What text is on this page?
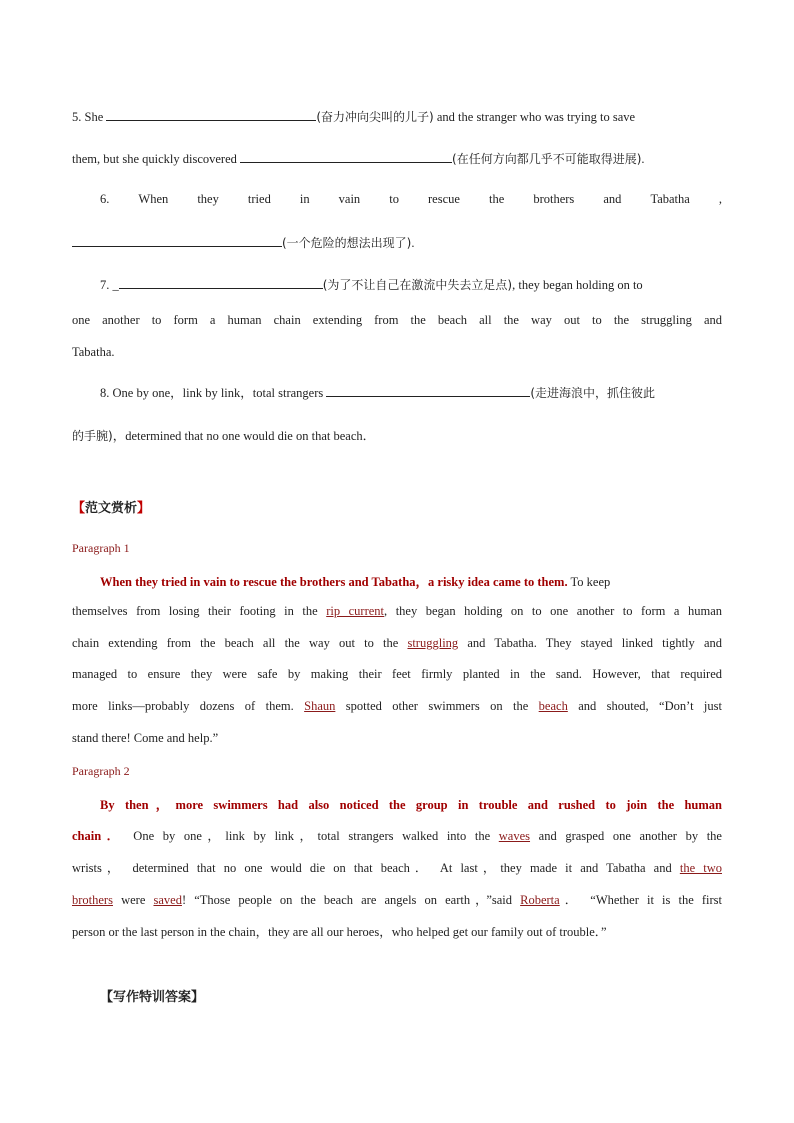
5. She	(奋力冲向尖叫的儿子) and the stranger who was trying to save
them, but she quickly discovered	(在任何方向都几乎不可能取得进展).
6. When they tried in vain to rescue the brothers and Tabatha ,
(一个危险的想法出现了).
7. _	(为了不让自己在激流中失去立足点), they began holding on to
one another to form a human chain extending from the beach all the way out to the struggling and
Tabatha.
8. One by one，link by link，total strangers	(走进海浪中，抓住彼此
的手腕)，determined that no one would die on that beach．
【范文赏析】
Paragraph 1
When they tried in vain to rescue the brothers and Tabatha，a risky idea came to them. To keep
themselves from losing their footing in the rip current, they began holding on to one another to form a human
chain extending from the beach all the way out to the struggling and Tabatha. They stayed linked tightly and
managed to ensure they were safe by making their feet firmly planted in the sand. However, that required
more links—probably dozens of them. Shaun spotted other swimmers on the beach and shouted, “Don’t just
stand there! Come and help.”
Paragraph 2
By then，more swimmers had also noticed the group in trouble and rushed to join the human
chain． One by one，link by link，total strangers walked into the waves and grasped one another by the
wrists， determined that no one would die on that beach． At last，they made it and Tabatha and the two
brothers were saved! “Those people on the beach are angels on earth，”said Roberta． “Whether it is the first
person or the last person in the chain，they are all our heroes，who helped get our family out of trouble．”
【写作特训答案】
